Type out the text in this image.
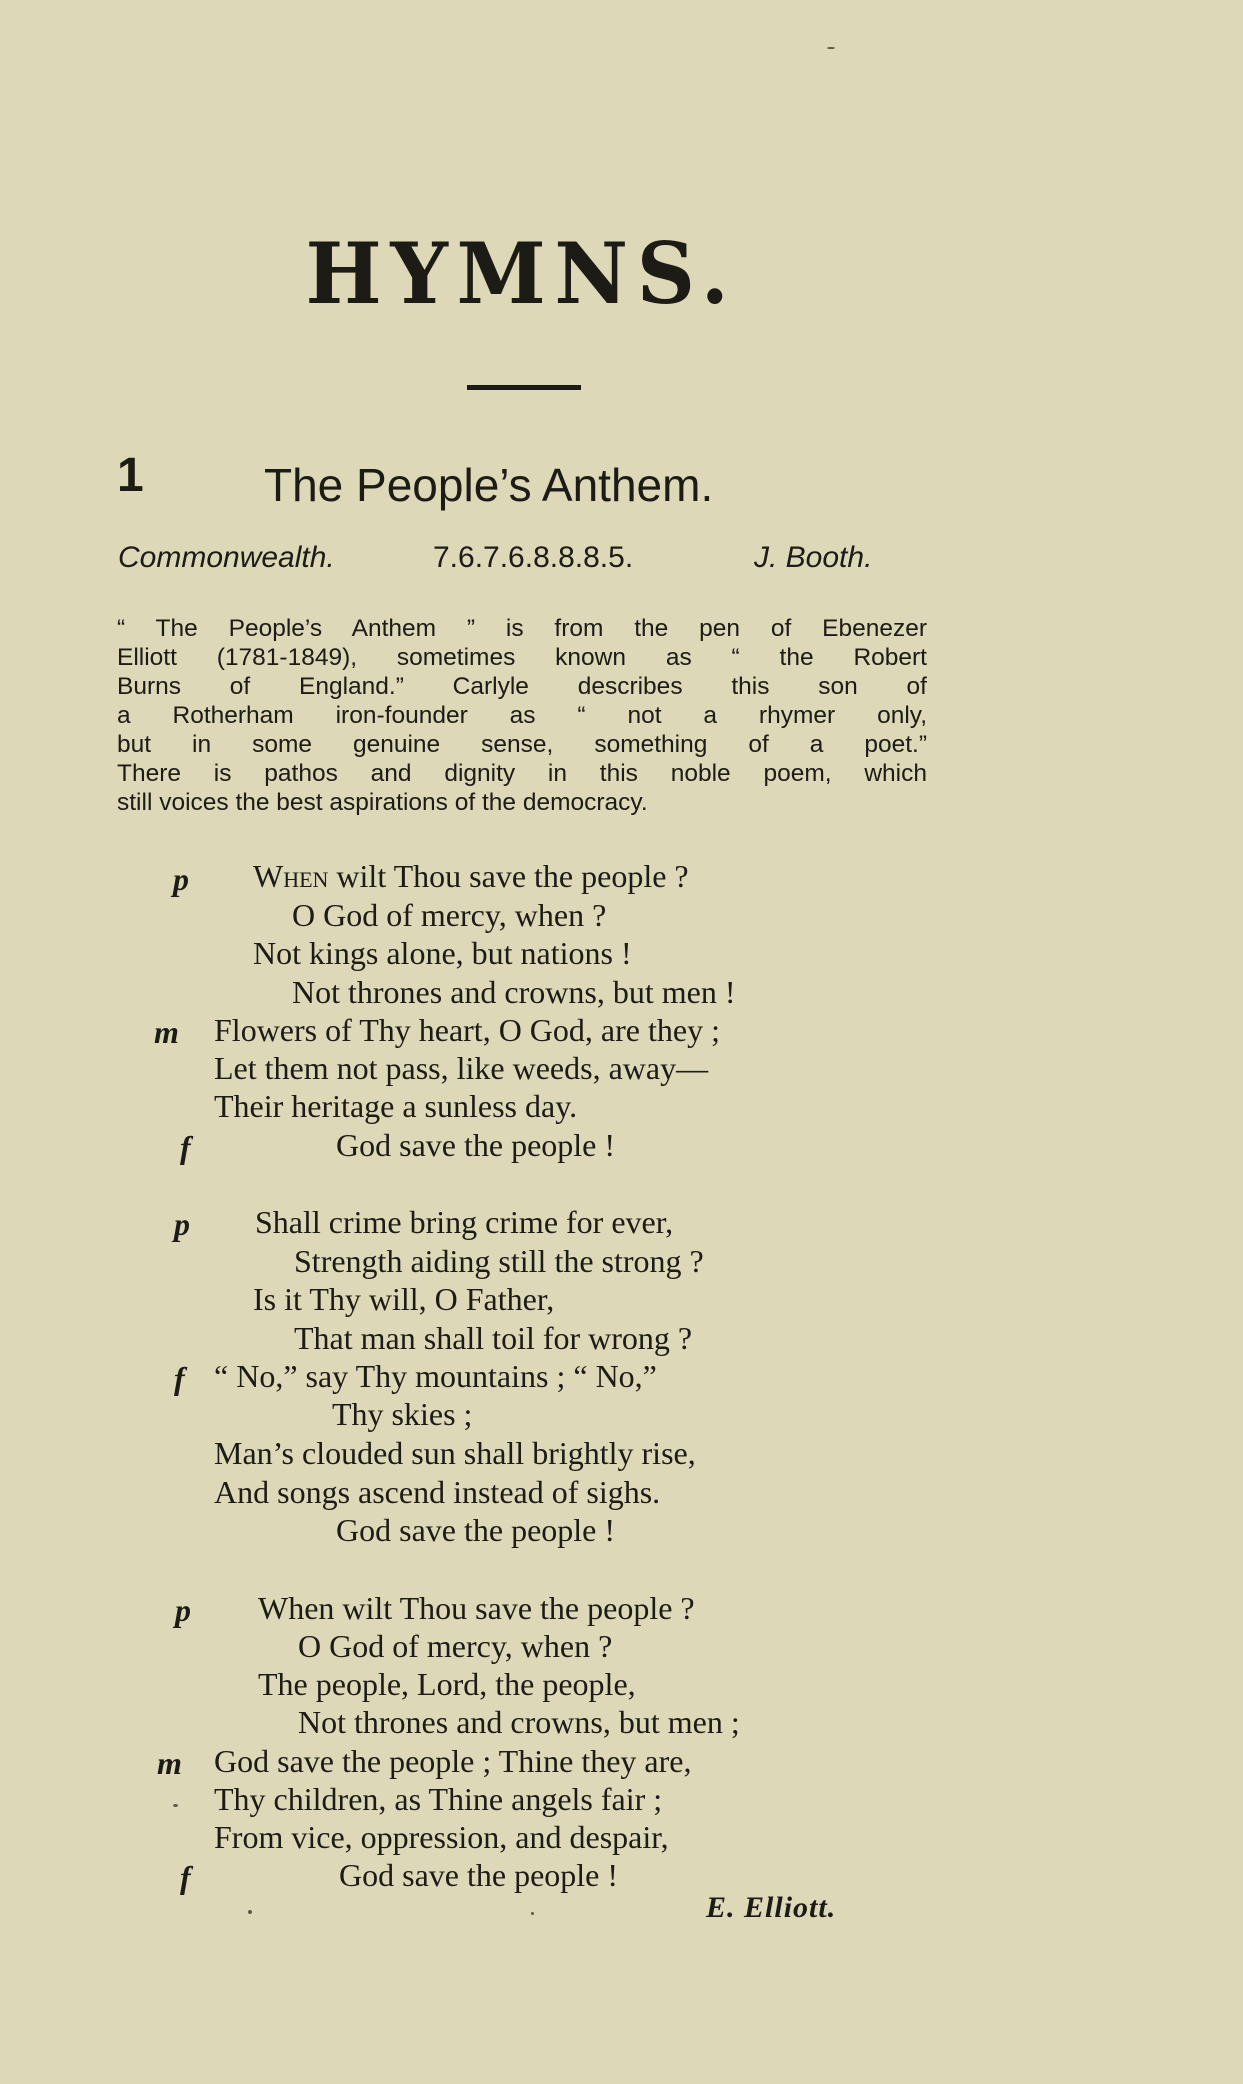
HYMNS.
1	The People’s Anthem.
Commonwealth.	7.6.7.6.8.8.8.5.	J. Booth.
“ The People’s Anthem ” is from the pen of Ebenezer
Elliott (1781-1849), sometimes known as “ the Robert
Burns of England.” Carlyle describes this son of
a Rotherham iron-founder as “ not a rhymer only,
but in some genuine sense, something of a poet.”
There is pathos and dignity in this noble poem, which
still voices the best aspirations of the democracy.
p When wilt Thou save the people ?
O God of mercy, when ?
Not kings alone, but nations !
Not thrones and crowns, but men !
m Flowers of Thy heart, O God, are they ;
Let them not pass, like weeds, away—
Their heritage a sunless day.
f	God save the people !
p Shall crime bring crime for ever,
Strength aiding still the strong ?
Is it Thy will, O Father,
That man shall toil for wrong ?
f “ No,” say Thy mountains ; “ No,”
Thy skies ;
Man’s clouded sun shall brightly rise,
And songs ascend instead of sighs.
God save the people !
p When wilt Thou save the people ?
O God of mercy, when ?
The people, Lord, the people,
Not thrones and crowns, but men ;
m God save the people ; Thine they are,
Thy children, as Thine angels fair ;
From vice, oppression, and despair,
f	God save the people !
E. Elliott.
